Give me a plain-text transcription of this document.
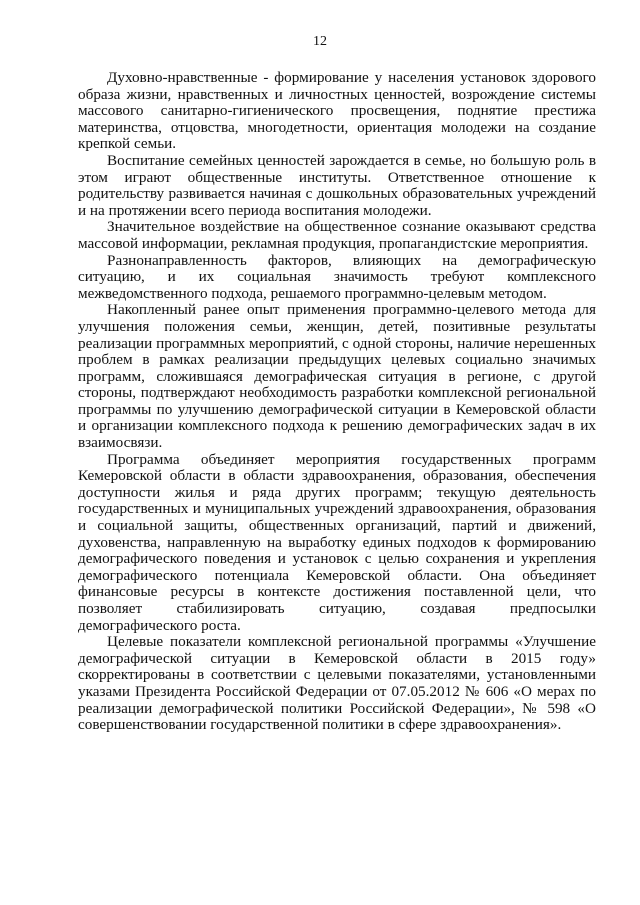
12

Духовно-нравственные - формирование у населения установок здорового образа жизни, нравственных и личностных ценностей, возрождение системы массового санитарно-гигиенического просвещения, поднятие престижа материнства, отцовства, многодетности, ориентация молодежи на создание крепкой семьи.

Воспитание семейных ценностей зарождается в семье, но большую роль в этом играют общественные институты. Ответственное отношение к родительству развивается начиная с дошкольных образовательных учреждений и на протяжении всего периода воспитания молодежи.

Значительное воздействие на общественное сознание оказывают средства массовой информации, рекламная продукция, пропагандистские мероприятия.

Разнонаправленность факторов, влияющих на демографическую ситуацию, и их социальная значимость требуют комплексного межведомственного подхода, решаемого программно-целевым методом.

Накопленный ранее опыт применения программно-целевого метода для улучшения положения семьи, женщин, детей, позитивные результаты реализации программных мероприятий, с одной стороны, наличие нерешенных проблем в рамках реализации предыдущих целевых социально значимых программ, сложившаяся демографическая ситуация в регионе, с другой стороны, подтверждают необходимость разработки комплексной региональной программы по улучшению демографической ситуации в Кемеровской области и организации комплексного подхода к решению демографических задач в их взаимосвязи.

Программа объединяет мероприятия государственных программ Кемеровской области в области здравоохранения, образования, обеспечения доступности жилья и ряда других программ; текущую деятельность государственных и муниципальных учреждений здравоохранения, образования и социальной защиты, общественных организаций, партий и движений, духовенства, направленную на выработку единых подходов к формированию демографического поведения и установок с целью сохранения и укрепления демографического потенциала Кемеровской области. Она объединяет финансовые ресурсы в контексте достижения поставленной цели, что позволяет стабилизировать ситуацию, создавая предпосылки демографического роста.

Целевые показатели комплексной региональной программы «Улучшение демографической ситуации в Кемеровской области в 2015 году» скорректированы в соответствии с целевыми показателями, установленными указами Президента Российской Федерации от 07.05.2012 № 606 «О мерах по реализации демографической политики Российской Федерации», № 598 «О совершенствовании государственной политики в сфере здравоохранения».
